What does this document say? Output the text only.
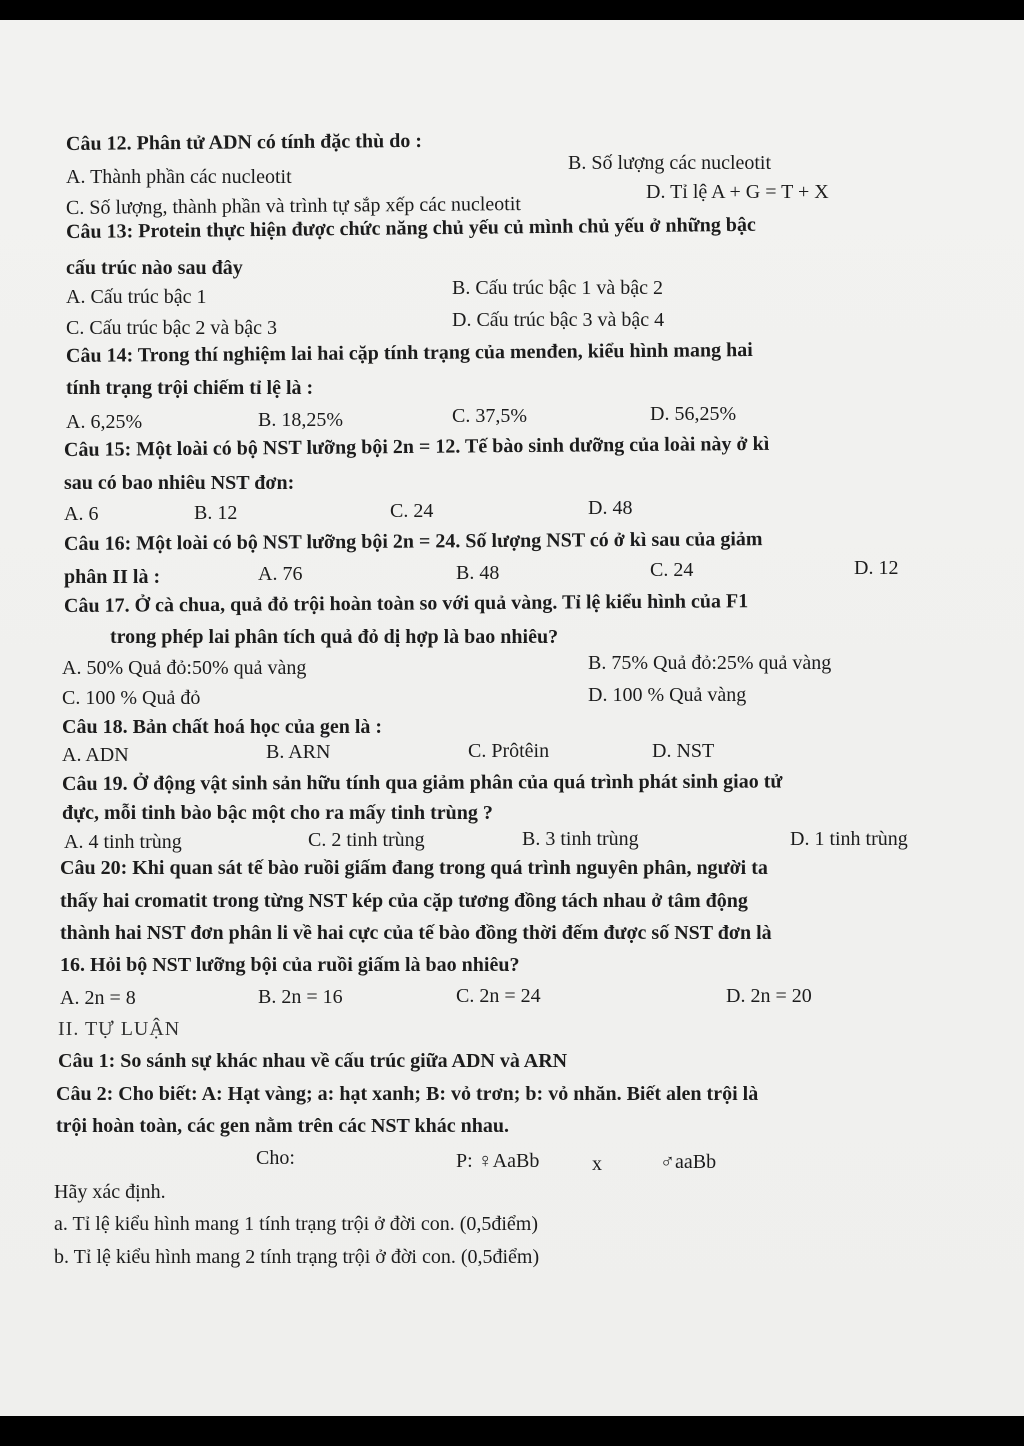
Câu 12. Phân tử ADN có tính đặc thù do :
A. Thành phần các nucleotit
B. Số lượng các nucleotit
C. Số lượng, thành phần và trình tự sắp xếp các nucleotit
D. Tỉ lệ A + G = T + X
Câu 13: Protein thực hiện được chức năng chủ yếu củ mình chủ yếu ở những bậc
cấu trúc nào sau đây
A. Cấu trúc bậc 1	B. Cấu trúc bậc 1 và bậc 2
C. Cấu trúc bậc 2 và bậc 3	D. Cấu trúc bậc 3 và bậc 4
Câu 14: Trong thí nghiệm lai hai cặp tính trạng của menđen, kiểu hình mang hai
tính trạng trội chiếm tỉ lệ là :
A. 6,25%	B. 18,25%	C. 37,5%	D. 56,25%
Câu 15: Một loài có bộ NST lưỡng bội 2n = 12. Tế bào sinh dưỡng của loài này ở kì
sau có bao nhiêu NST đơn:
A. 6	B. 12	C. 24	D. 48
Câu 16: Một loài có bộ NST lưỡng bội 2n = 24. Số lượng NST có ở kì sau của giảm
phân II là :	A. 76	B. 48	C. 24	D. 12
Câu 17. Ở cà chua, quả đỏ trội hoàn toàn so với quả vàng. Tỉ lệ kiểu hình của F1
trong phép lai phân tích quả đỏ dị hợp là bao nhiêu?
A. 50% Quả đỏ:50% quả vàng	B. 75% Quả đỏ:25% quả vàng
C. 100 % Quả đỏ	D. 100 % Quả vàng
Câu 18. Bản chất hoá học của gen là :
A. ADN	B. ARN	C. Prôtêin	D. NST
Câu 19. Ở động vật sinh sản hữu tính qua giảm phân của quá trình phát sinh giao tử
đực, mỗi tinh bào bậc một cho ra mấy tinh trùng ?
A. 4 tinh trùng	C. 2 tinh trùng	B. 3 tinh trùng	D. 1 tinh trùng
Câu 20: Khi quan sát tế bào ruồi giấm đang trong quá trình nguyên phân, người ta
thấy hai cromatit trong từng NST kép của cặp tương đồng tách nhau ở tâm động
thành hai NST đơn phân li về hai cực của tế bào đồng thời đếm được số NST đơn là
16. Hỏi bộ NST lưỡng bội của ruồi giấm là bao nhiêu?
A. 2n = 8	B. 2n = 16	C. 2n = 24	D. 2n = 20
II. TỰ LUẬN
Câu 1: So sánh sự khác nhau về cấu trúc giữa ADN và ARN
Câu 2: Cho biết: A: Hạt vàng; a: hạt xanh; B: vỏ trơn; b: vỏ nhăn. Biết alen trội là
trội hoàn toàn, các gen nằm trên các NST khác nhau.
Cho:	P: ♀AaBb	x	♂aaBb
Hãy xác định.
a. Tỉ lệ kiểu hình mang 1 tính trạng trội ở đời con. (0,5điểm)
b. Tỉ lệ kiểu hình mang 2 tính trạng trội ở đời con. (0,5điểm)
